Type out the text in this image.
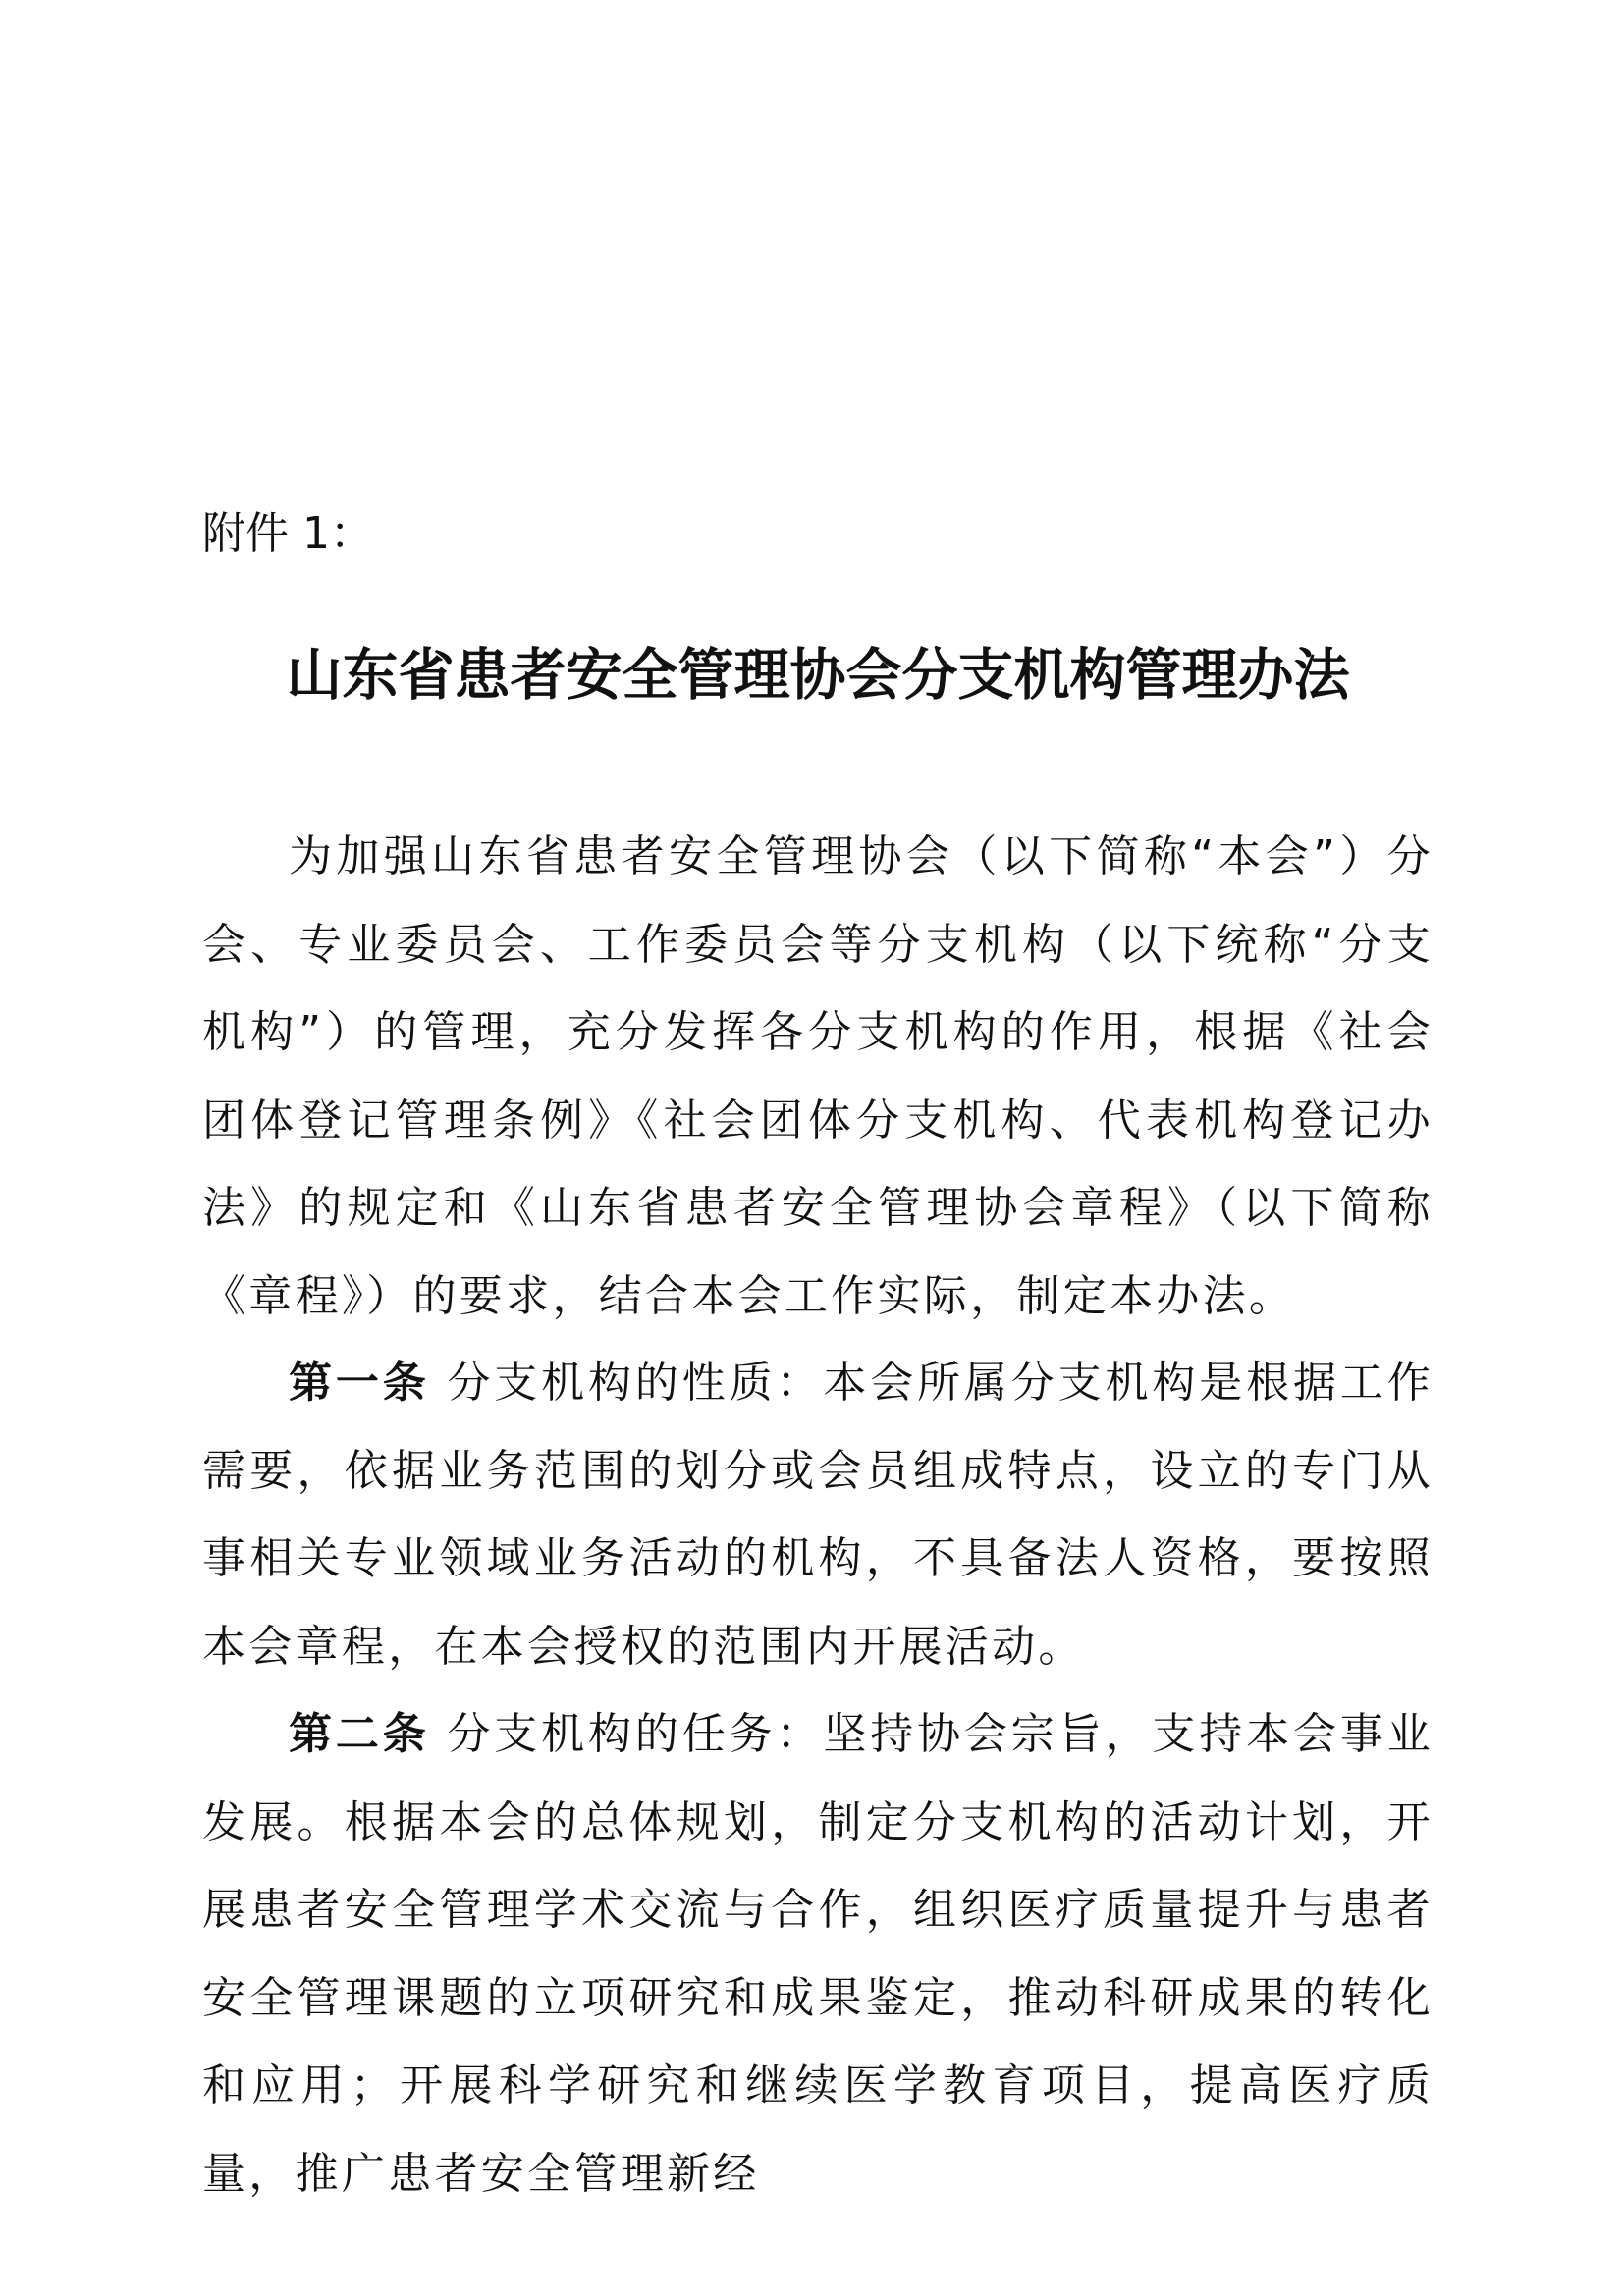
附件 1：

山东省患者安全管理协会分支机构管理办法

为加强山东省患者安全管理协会（以下简称“本会”）分会、专业委员会、工作委员会等分支机构（以下统称“分支机构”）的管理，充分发挥各分支机构的作用，根据《社会团体登记管理条例》《社会团体分支机构、代表机构登记办法》的规定和《山东省患者安全管理协会章程》（以下简称《章程》）的要求，结合本会工作实际，制定本办法。

第一条 分支机构的性质：本会所属分支机构是根据工作需要，依据业务范围的划分或会员组成特点，设立的专门从事相关专业领域业务活动的机构，不具备法人资格，要按照本会章程，在本会授权的范围内开展活动。

第二条 分支机构的任务：坚持协会宗旨，支持本会事业发展。根据本会的总体规划，制定分支机构的活动计划，开展患者安全管理学术交流与合作，组织医疗质量提升与患者安全管理课题的立项研究和成果鉴定，推动科研成果的转化和应用；开展科学研究和继续医学教育项目，提高医疗质量，推广患者安全管理新经
